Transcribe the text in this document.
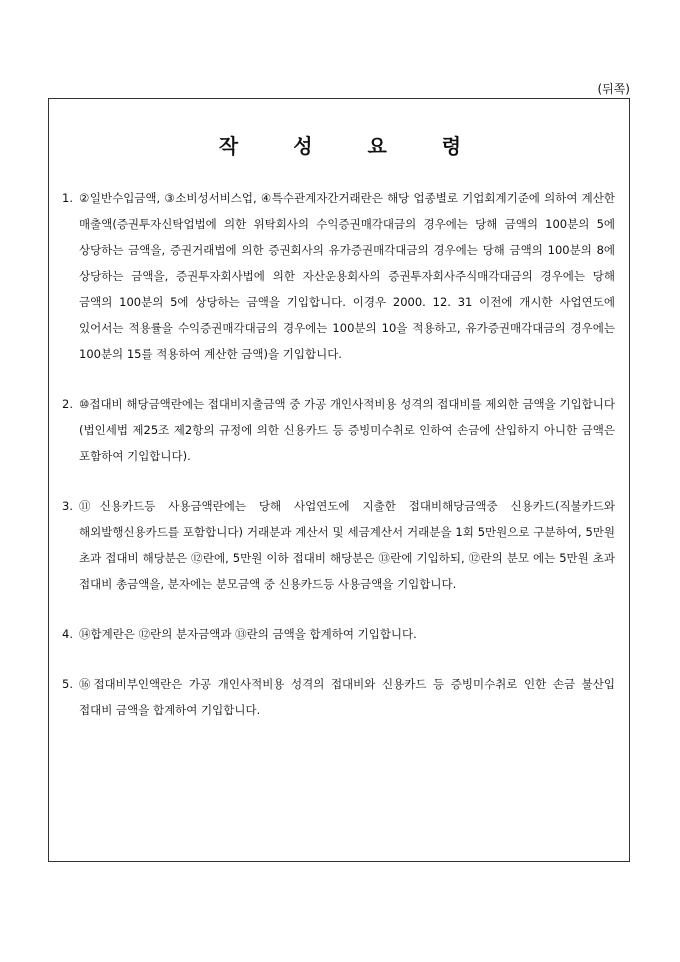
(뒤쪽)
작 성 요 령
1. ②일반수입금액, ③소비성서비스업, ④특수관계자간거래란은 해당 업종별로 기업회계기준에 의하여 계산한 매출액(증권투자신탁업법에 의한 위탁회사의 수익증권매각대금의 경우에는 당해 금액의 100분의 5에 상당하는 금액을, 증권거래법에 의한 증권회사의 유가증권매각대금의 경우에는 당해 금액의 100분의 8에 상당하는 금액을, 증권투자회사법에 의한 자산운용회사의 증권투자회사주식매각대금의 경우에는 당해 금액의 100분의 5에 상당하는 금액을 기입합니다. 이경우 2000. 12. 31 이전에 개시한 사업연도에 있어서는 적용률을 수익증권매각대금의 경우에는 100분의 10을 적용하고, 유가증권매각대금의 경우에는 100분의 15를 적용하여 계산한 금액)을 기입합니다.
2. ⑩접대비 해당금액란에는 접대비지출금액 중 가공 개인사적비용 성격의 접대비를 제외한 금액을 기입합니다(법인세법 제25조 제2항의 규정에 의한 신용카드 등 증빙미수취로 인하여 손금에 산입하지 아니한 금액은 포함하여 기입합니다).
3. ⑪신용카드등 사용금액란에는 당해 사업연도에 지출한 접대비해당금액중 신용카드(직불카드와 해외발행신용카드를 포함합니다) 거래분과 계산서 및 세금계산서 거래분을 1회 5만원으로 구분하여, 5만원 초과 접대비 해당분은 ⑫란에, 5만원 이하 접대비 해당분은 ⑬란에 기입하되, ⑫란의 분모 에는 5만원 초과 접대비 총금액을, 분자에는 분모금액 중 신용카드등 사용금액을 기입합니다.
4. ⑭합계란은 ⑫란의 분자금액과 ⑬란의 금액을 합계하여 기입합니다.
5. ⑯접대비부인액란은 가공 개인사적비용 성격의 접대비와 신용카드 등 증빙미수취로 인한 손금 불산입 접대비 금액을 합계하여 기입합니다.
